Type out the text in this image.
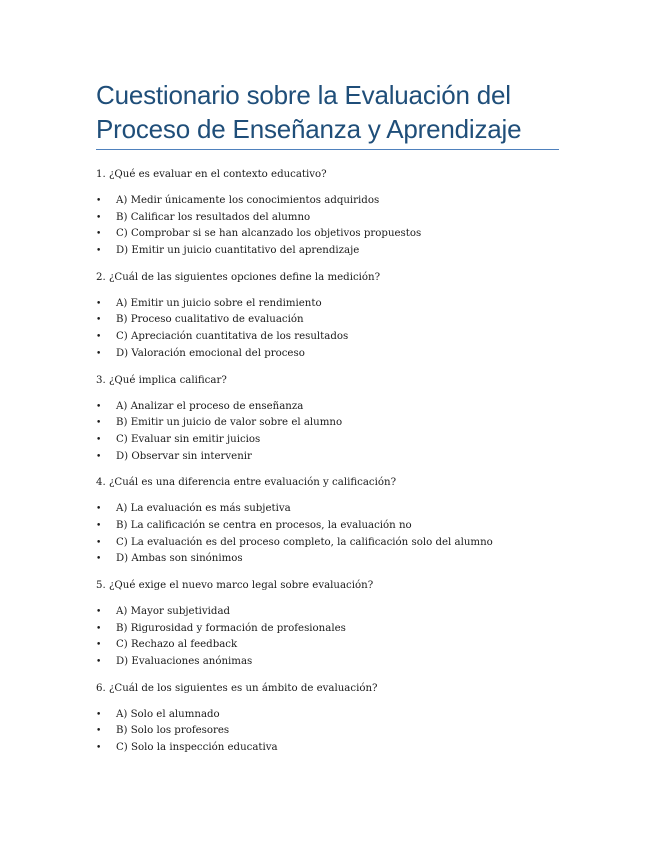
Cuestionario sobre la Evaluación del Proceso de Enseñanza y Aprendizaje

1. ¿Qué es evaluar en el contexto educativo?

• A) Medir únicamente los conocimientos adquiridos
• B) Calificar los resultados del alumno
• C) Comprobar si se han alcanzado los objetivos propuestos
• D) Emitir un juicio cuantitativo del aprendizaje

2. ¿Cuál de las siguientes opciones define la medición?

• A) Emitir un juicio sobre el rendimiento
• B) Proceso cualitativo de evaluación
• C) Apreciación cuantitativa de los resultados
• D) Valoración emocional del proceso

3. ¿Qué implica calificar?

• A) Analizar el proceso de enseñanza
• B) Emitir un juicio de valor sobre el alumno
• C) Evaluar sin emitir juicios
• D) Observar sin intervenir

4. ¿Cuál es una diferencia entre evaluación y calificación?

• A) La evaluación es más subjetiva
• B) La calificación se centra en procesos, la evaluación no
• C) La evaluación es del proceso completo, la calificación solo del alumno
• D) Ambas son sinónimos

5. ¿Qué exige el nuevo marco legal sobre evaluación?

• A) Mayor subjetividad
• B) Rigurosidad y formación de profesionales
• C) Rechazo al feedback
• D) Evaluaciones anónimas

6. ¿Cuál de los siguientes es un ámbito de evaluación?

• A) Solo el alumnado
• B) Solo los profesores
• C) Solo la inspección educativa
